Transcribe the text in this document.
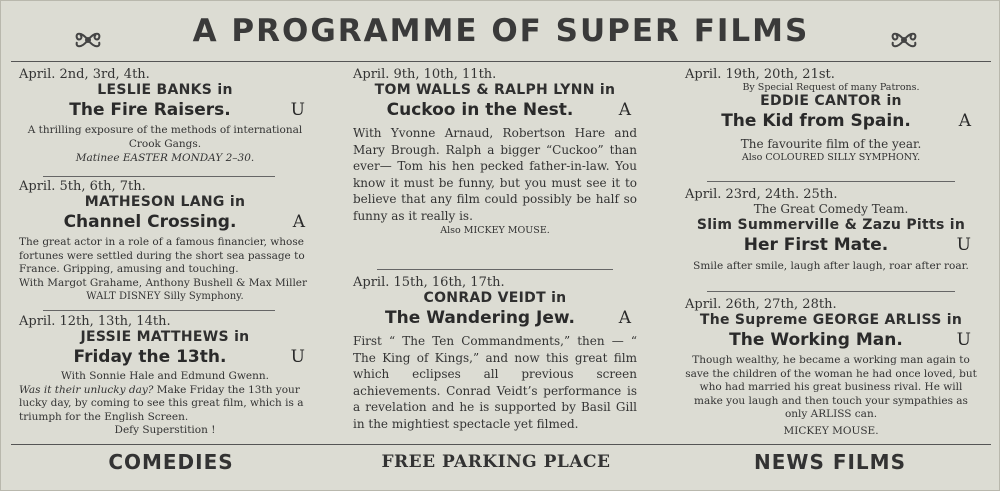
A PROGRAMME OF SUPER FILMS
April. 2nd, 3rd, 4th.
LESLIE BANKS in
The Fire Raisers.	U
A thrilling exposure of the methods of international
Crook Gangs.
Matinee EASTER MONDAY 2–30.
April. 5th, 6th, 7th.
MATHESON LANG in
Channel Crossing.	A
The great actor in a role of a famous financier, whose fortunes were settled during the short sea passage to France. Gripping, amusing and touching.
With Margot Grahame, Anthony Bushell & Max Miller
WALT DISNEY Silly Symphony.
April. 12th, 13th, 14th.
JESSIE MATTHEWS in
Friday the 13th.	U
With Sonnie Hale and Edmund Gwenn.
Was it their unlucky day? Make Friday the 13th your lucky day, by coming to see this great film, which is a triumph for the English Screen.
Defy Superstition !
April. 9th, 10th, 11th.
TOM WALLS & RALPH LYNN in
Cuckoo in the Nest.	A
With Yvonne Arnaud, Robertson Hare and Mary Brough. Ralph a bigger “Cuckoo” than ever— Tom his hen pecked father-in-law. You know it must be funny, but you must see it to believe that any film could possibly be half so funny as it really is.
Also MICKEY MOUSE.
April. 15th, 16th, 17th.
CONRAD VEIDT in
The Wandering Jew.	A
First “ The Ten Commandments,” then — “ The King of Kings,” and now this great film which eclipses all previous screen achievements. Conrad Veidt’s performance is a revelation and he is supported by Basil Gill in the mightiest spectacle yet filmed.
April. 19th, 20th, 21st.
By Special Request of many Patrons.
EDDIE CANTOR in
The Kid from Spain.	A
The favourite film of the year.
Also COLOURED SILLY SYMPHONY.
April. 23rd, 24th. 25th.
The Great Comedy Team.
Slim Summerville & Zazu Pitts in
Her First Mate.	U
Smile after smile, laugh after laugh, roar after roar.
April. 26th, 27th, 28th.
The Supreme GEORGE ARLISS in
The Working Man.	U
Though wealthy, he became a working man again to save the children of the woman he had once loved, but who had married his great business rival. He will make you laugh and then touch your sympathies as only ARLISS can.
MICKEY MOUSE.
COMEDIES	FREE PARKING PLACE	NEWS FILMS
